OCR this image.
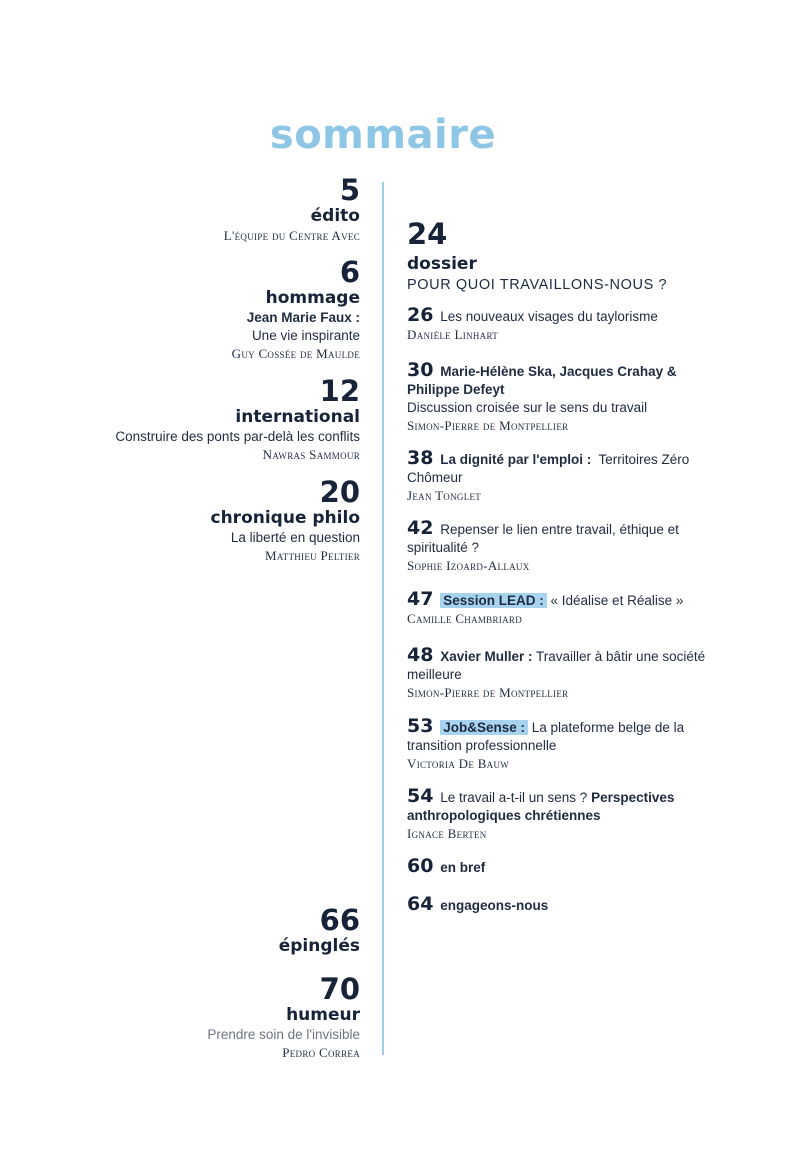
sommaire
5
édito
L'équipe du Centre Avec
6
hommage
Jean Marie Faux :
Une vie inspirante
Guy Cossée de Maulde
12
international
Construire des ponts par-delà les conflits
Nawras Sammour
20
chronique philo
La liberté en question
Matthieu Peltier
66
épinglés
70
humeur
Prendre soin de l'invisible
Pedro Correa
24
dossier
POUR QUOI TRAVAILLONS-NOUS ?
26 Les nouveaux visages du taylorisme
Danièle Linhart
30 Marie-Hélène Ska, Jacques Crahay & Philippe Defeyt
Discussion croisée sur le sens du travail
Simon-Pierre de Montpellier
38 La dignité par l'emploi : Territoires Zéro Chômeur
Jean Tonglet
42 Repenser le lien entre travail, éthique et spiritualité ?
Sophie Izoard-Allaux
47 Session LEAD : « Idéalise et Réalise »
Camille Chambriard
48 Xavier Muller : Travailler à bâtir une société meilleure
Simon-Pierre de Montpellier
53 Job&Sense : La plateforme belge de la transition professionnelle
Victoria De Bauw
54 Le travail a-t-il un sens ? Perspectives anthropologiques chrétiennes
Ignace Berten
60 en bref
64 engageons-nous
